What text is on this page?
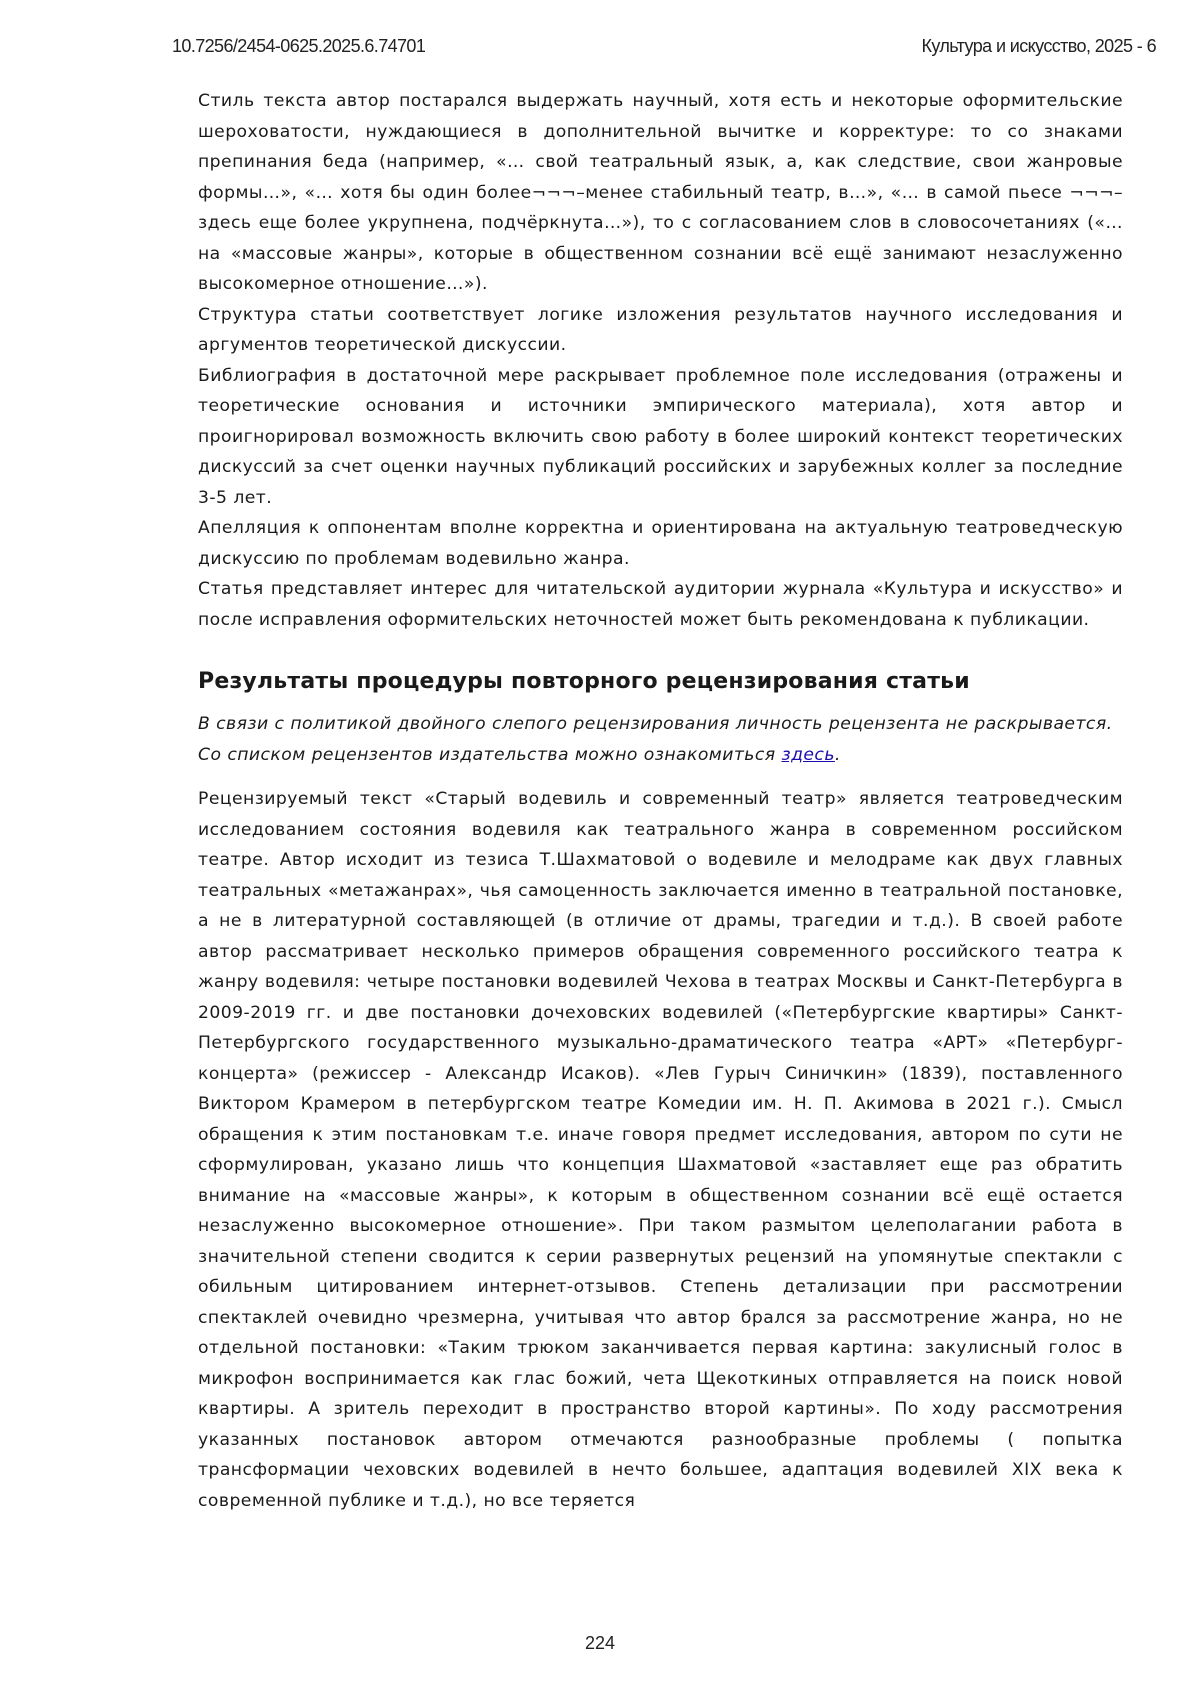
10.7256/2454-0625.2025.6.74701	Культура и искусство, 2025 - 6

Стиль текста автор постарался выдержать научный, хотя есть и некоторые оформительские шероховатости, нуждающиеся в дополнительной вычитке и корректуре: то со знаками препинания беда (например, «… свой театральный язык, а, как следствие, свои жанровые формы…», «… хотя бы один более¬¬¬–менее стабильный театр, в…», «… в самой пьесе ¬¬¬– здесь еще более укрупнена, подчёркнута…»), то с согласованием слов в словосочетаниях («… на «массовые жанры», которые в общественном сознании всё ещё занимают незаслуженно высокомерное отношение…»).

Структура статьи соответствует логике изложения результатов научного исследования и аргументов теоретической дискуссии.

Библиография в достаточной мере раскрывает проблемное поле исследования (отражены и теоретические основания и источники эмпирического материала), хотя автор и проигнорировал возможность включить свою работу в более широкий контекст теоретических дискуссий за счет оценки научных публикаций российских и зарубежных коллег за последние 3-5 лет.

Апелляция к оппонентам вполне корректна и ориентирована на актуальную театроведческую дискуссию по проблемам водевильно жанра.

Статья представляет интерес для читательской аудитории журнала «Культура и искусство» и после исправления оформительских неточностей может быть рекомендована к публикации.

Результаты процедуры повторного рецензирования статьи

В связи с политикой двойного слепого рецензирования личность рецензента не раскрывается.

Со списком рецензентов издательства можно ознакомиться здесь.

Рецензируемый текст «Старый водевиль и современный театр» является театроведческим исследованием состояния водевиля как театрального жанра в современном российском театре. Автор исходит из тезиса Т.Шахматовой о водевиле и мелодраме как двух главных театральных «метажанрах», чья самоценность заключается именно в театральной постановке, а не в литературной составляющей (в отличие от драмы, трагедии и т.д.). В своей работе автор рассматривает несколько примеров обращения современного российского театра к жанру водевиля: четыре постановки водевилей Чехова в театрах Москвы и Санкт-Петербурга в 2009-2019 гг. и две постановки дочеховских водевилей («Петербургские квартиры» Санкт-Петербургского государственного музыкально-драматического театра «АРТ» «Петербург-концерта» (режиссер - Александр Исаков). «Лев Гурыч Синичкин» (1839), поставленного Виктором Крамером в петербургском театре Комедии им. Н. П. Акимова в 2021 г.). Смысл обращения к этим постановкам т.е. иначе говоря предмет исследования, автором по сути не сформулирован, указано лишь что концепция Шахматовой «заставляет еще раз обратить внимание на «массовые жанры», к которым в общественном сознании всё ещё остается незаслуженно высокомерное отношение». При таком размытом целеполагании работа в значительной степени сводится к серии развернутых рецензий на упомянутые спектакли с обильным цитированием интернет-отзывов. Степень детализации при рассмотрении спектаклей очевидно чрезмерна, учитывая что автор брался за рассмотрение жанра, но не отдельной постановки: «Таким трюком заканчивается первая картина: закулисный голос в микрофон воспринимается как глас божий, чета Щекоткиных отправляется на поиск новой квартиры. А зритель переходит в пространство второй картины». По ходу рассмотрения указанных постановок автором отмечаются разнообразные проблемы ( попытка трансформации чеховских водевилей в нечто большее, адаптация водевилей XIX века к современной публике и т.д.), но все теряется

224
